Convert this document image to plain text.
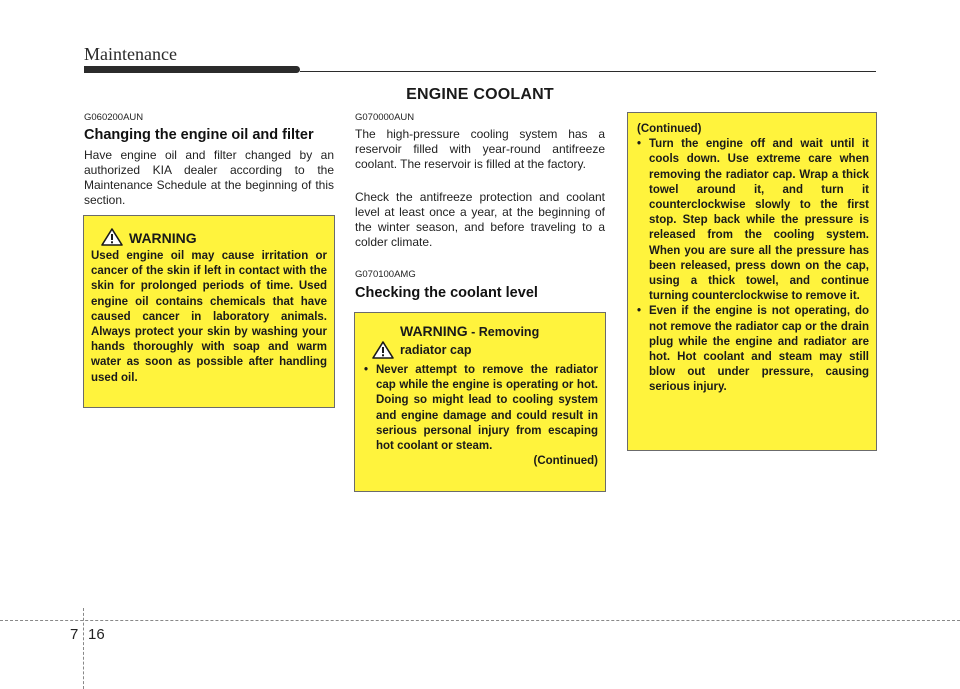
Maintenance
ENGINE COOLANT
G060200AUN
Changing the engine oil and filter

Have engine oil and filter changed by an authorized KIA dealer according to the Maintenance Schedule at the beginning of this section.

WARNING

Used engine oil may cause irritation or cancer of the skin if left in contact with the skin for prolonged periods of time. Used engine oil contains chemicals that have caused cancer in laboratory animals. Always protect your skin by washing your hands thoroughly with soap and warm water as soon as possible after handling used oil.

G070000AUN

The high-pressure cooling system has a reservoir filled with year-round antifreeze coolant. The reservoir is filled at the factory.

Check the antifreeze protection and coolant level at least once a year, at the beginning of the winter season, and before traveling to a colder climate.

G070100AMG
Checking the coolant level
WARNING - Removing radiator cap
• Never attempt to remove the radiator cap while the engine is operating or hot. Doing so might lead to cooling system and engine damage and could result in serious personal injury from escaping hot coolant or steam.
(Continued)
(Continued)
• Turn the engine off and wait until it cools down. Use extreme care when removing the radiator cap. Wrap a thick towel around it, and turn it counterclockwise slowly to the first stop. Step back while the pressure is released from the cooling system. When you are sure all the pressure has been released, press down on the cap, using a thick towel, and continue turning counterclockwise to remove it.
• Even if the engine is not operating, do not remove the radiator cap or the drain plug while the engine and radiator are hot. Hot coolant and steam may still blow out under pressure, causing serious injury.
7 16
